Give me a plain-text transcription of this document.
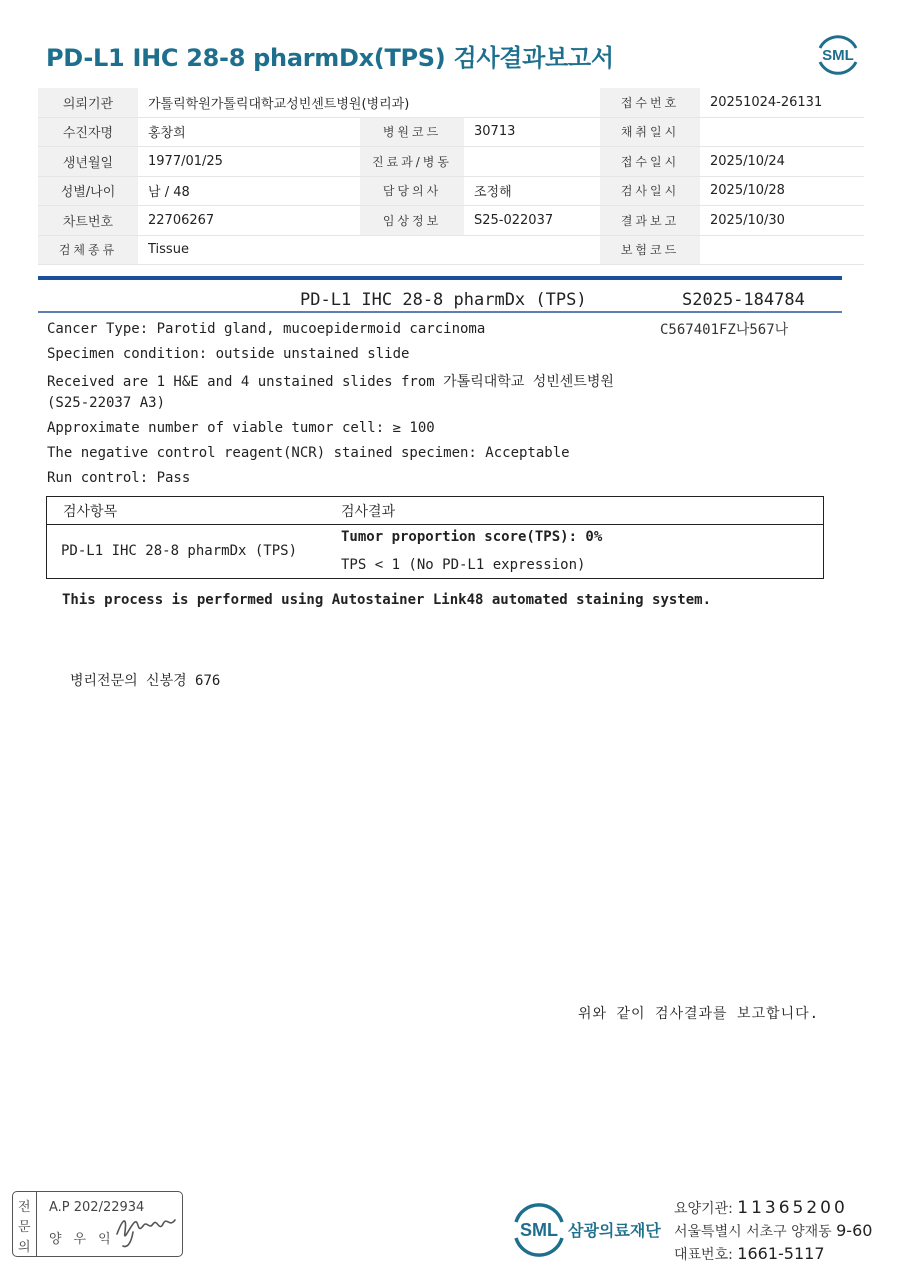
PD-L1 IHC 28-8 pharmDx(TPS) 검사결과보고서	SML
의뢰기관	가톨릭학원가톨릭대학교성빈센트병원(병리과)			접수번호	20251024-26131
수진자명	홍창희	병원코드	30713	채취일시	
생년월일	1977/01/25	진료과/병동		접수일시	2025/10/24
성별/나이	남 / 48	담당의사	조정해	검사일시	2025/10/28
차트번호	22706267	임상정보	S25-022037	결과보고	2025/10/30
검체종류	Tissue			보험코드	
PD-L1 IHC 28-8 pharmDx (TPS)	S2025-184784
C567401FZ나567나
Cancer Type: Parotid gland, mucoepidermoid carcinoma
Specimen condition: outside unstained slide
Received are 1 H&E and 4 unstained slides from 가톨릭대학교 성빈센트병원
(S25-22037 A3)
Approximate number of viable tumor cell: ≥ 100
The negative control reagent(NCR) stained specimen: Acceptable
Run control: Pass
검사항목	검사결과
PD-L1 IHC 28-8 pharmDx (TPS)
Tumor proportion score(TPS): 0%
TPS < 1 (No PD-L1 expression)
This process is performed using Autostainer Link48 automated staining system.
병리전문의 신봉경 676
위와 같이 검사결과를 보고합니다.
전
문
의
A.P 202/22934
양우익	SML 삼광의료재단
요양기관: 11365200
서울특별시 서초구 양재동 9-60
대표번호: 1661-5117
